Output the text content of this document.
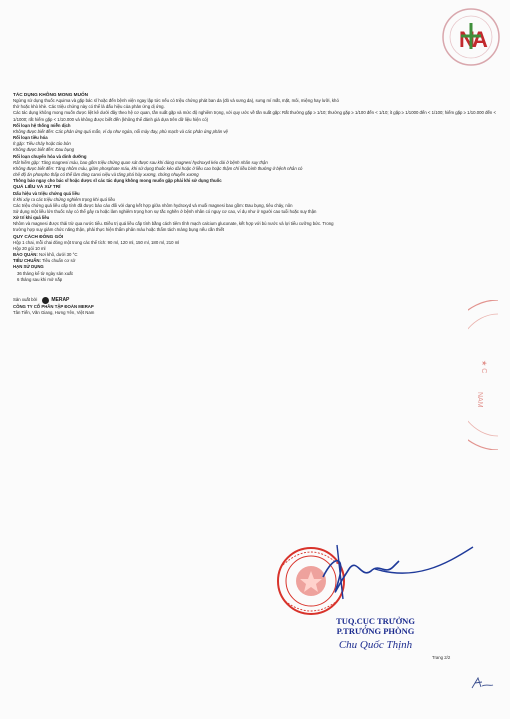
N
A

TÁC DỤNG KHÔNG MONG MUỐN

Ngừng sử dụng thuốc Aquima và gặp bác sĩ hoặc đến bệnh viện ngay lập tức nếu có triệu chứng phát ban da (đỏ và sưng da), sưng mí mắt, mặt, môi, miệng hay lưỡi, khó

thở hoặc khò khè. Các triệu chứng này có thể là dấu hiệu của phản ứng dị ứng.

Các tác dụng không mong muốn được liệt kê dưới đây theo hệ cơ quan, tần suất gặp và mức độ nghiêm trọng, với quy ước về tần suất gặp: Rất thường gặp ≥ 1/10; thường gặp ≥ 1/100 đến < 1/10; ít gặp ≥ 1/1000 đến < 1/100; hiếm gặp ≥ 1/10.000 đến < 1/1000; rất hiếm gặp < 1/10.000 và không được biết đến (không thể đánh giá dựa trên dữ liệu hiện có)

Rối loạn hệ thống miễn dịch

Không được biết đến: Các phản ứng quá mẫn, ví dụ như ngứa, nổi mày đay, phù mạch và các phản ứng phản vệ

Rối loạn tiêu hóa

Ít gặp: Tiêu chảy hoặc táo bón

Không được biết đến: Đau bụng

Rối loạn chuyển hóa và dinh dưỡng

Rất hiếm gặp: Tăng magnesi máu, bao gồm triệu chứng quan sát được sau khi dùng magnesi hydroxyd kéo dài ở bệnh nhân suy thận

Không được biết đến: Tăng nhôm máu, giảm phosphate máu, khi sử dụng thuốc kéo dài hoặc ở liều cao hoặc thậm chí liều bình thường ở bệnh nhân có

chế độ ăn phospho thấp có thể làm tăng canxi niệu và tăng phá hủy xương, chứng nhuyễn xương

Thông báo ngay cho bác sĩ hoặc dược sĩ các tác dụng không mong muốn gặp phải khi sử dụng thuốc

QUÁ LIỀU VÀ XỬ TRÍ

Dấu hiệu và triệu chứng quá liều

Ít khi xảy ra các triệu chứng nghiêm trọng khi quá liều

Các triệu chứng quá liều cấp tính đã được báo cáo đối với dạng kết hợp giữa nhôm hydroxyd và muối magnesi bao gồm: Đau bụng, tiêu chảy, nôn

Sử dụng một liều lớn thuốc này có thể gây ra hoặc làm nghiêm trọng hơn sự tắc nghẽn ở bệnh nhân có nguy cơ cao, ví dụ như ở người cao tuổi hoặc suy thận

Xử trí khi quá liều

Nhôm và magnesi được thải trừ qua nước tiểu. Điều trị quá liều cấp tính bằng cách tiêm tĩnh mạch calcium gluconate, kết hợp với bù nước và lợi tiểu cưỡng bức. Trong

trường hợp suy giảm chức năng thận, phải thực hiện thẩm phân máu hoặc thẩm tách màng bụng nếu cần thiết

QUY CÁCH ĐÓNG GÓI

Hộp 1 chai, mỗi chai đóng một trong các thể tích: 90 ml, 120 ml, 150 ml, 180 ml, 210 ml

Hộp 20 gói 10 ml

BẢO QUẢN: Nơi khô, dưới 30 °C

TIÊU CHUẨN: Tiêu chuẩn cơ sở

HẠN SỬ DỤNG

36 tháng kể từ ngày sản xuất

6 tháng sau khi mở nắp

Sản xuất bởi	MERAP

CÔNG TY CỔ PHẦN TẬP ĐOÀN MERAP

Tân Tiến, Văn Giang, Hưng Yên, Việt Nam

★ C
NAM
TUQ.CỤC TRƯỞNG
P.TRƯỞNG PHÒNG
Chu Quốc Thịnh
Trang 2/2
